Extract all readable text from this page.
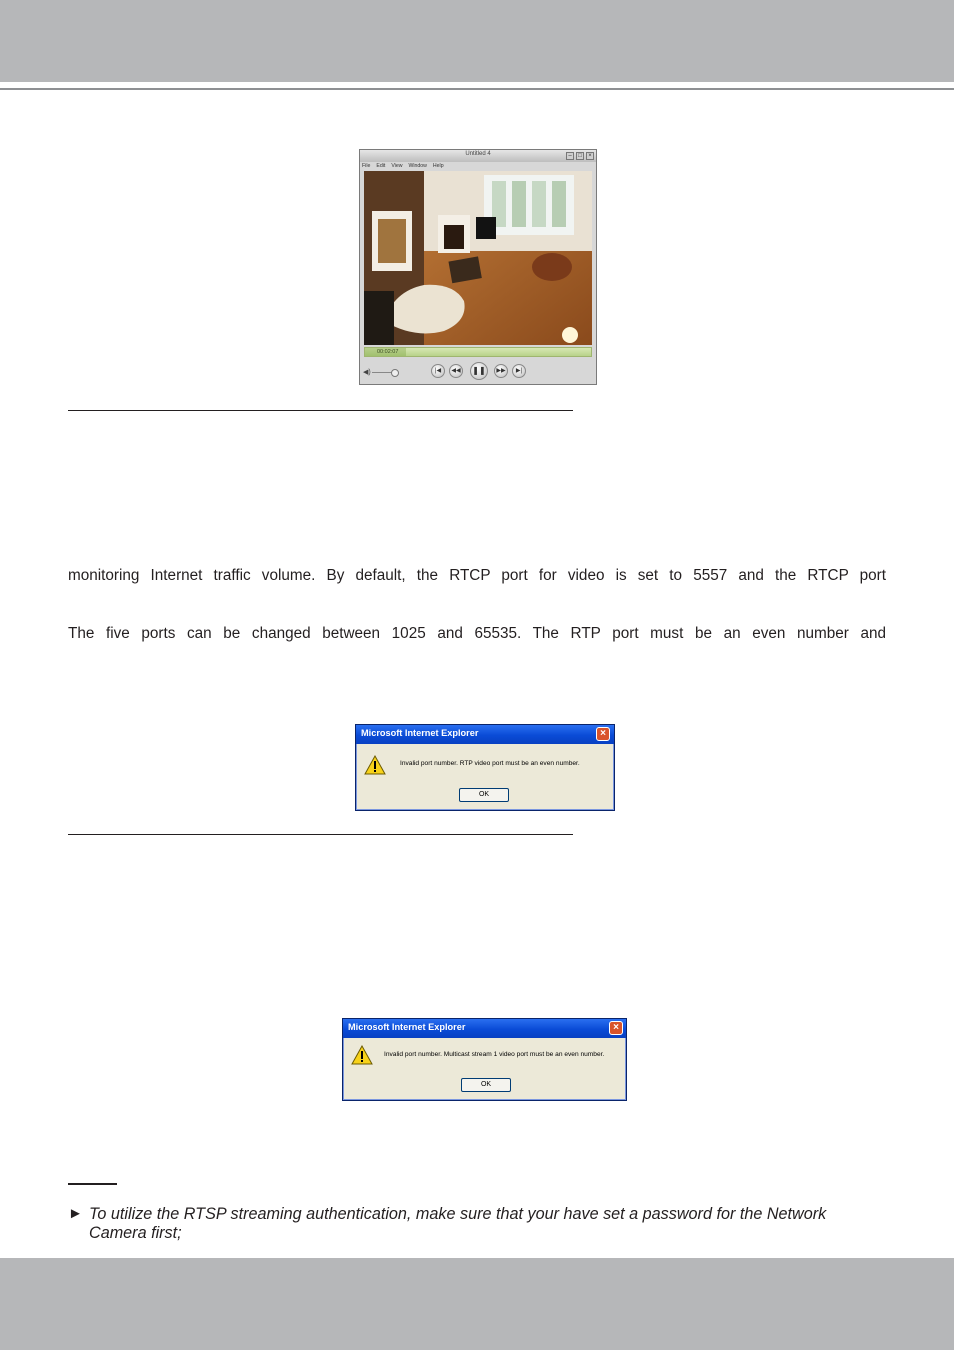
Untitled 4	–	□	×
File Edit View Window Help
00:02:07
◀)	|◀	◀◀ ❚❚	▶▶	▶|
monitoring Internet traffic volume. By default, the RTCP port for video is set to 5557 and the RTCP port
The five ports can be changed between 1025 and 65535. The RTP port must be an even number and
Microsoft Internet Explorer	×
Invalid port number. RTP video port must be an even number.
OK
Microsoft Internet Explorer	×
Invalid port number. Multicast stream 1 video port must be an even number.
OK
► To utilize the RTSP streaming authentication, make sure that your have set a password for the Network Camera first;
